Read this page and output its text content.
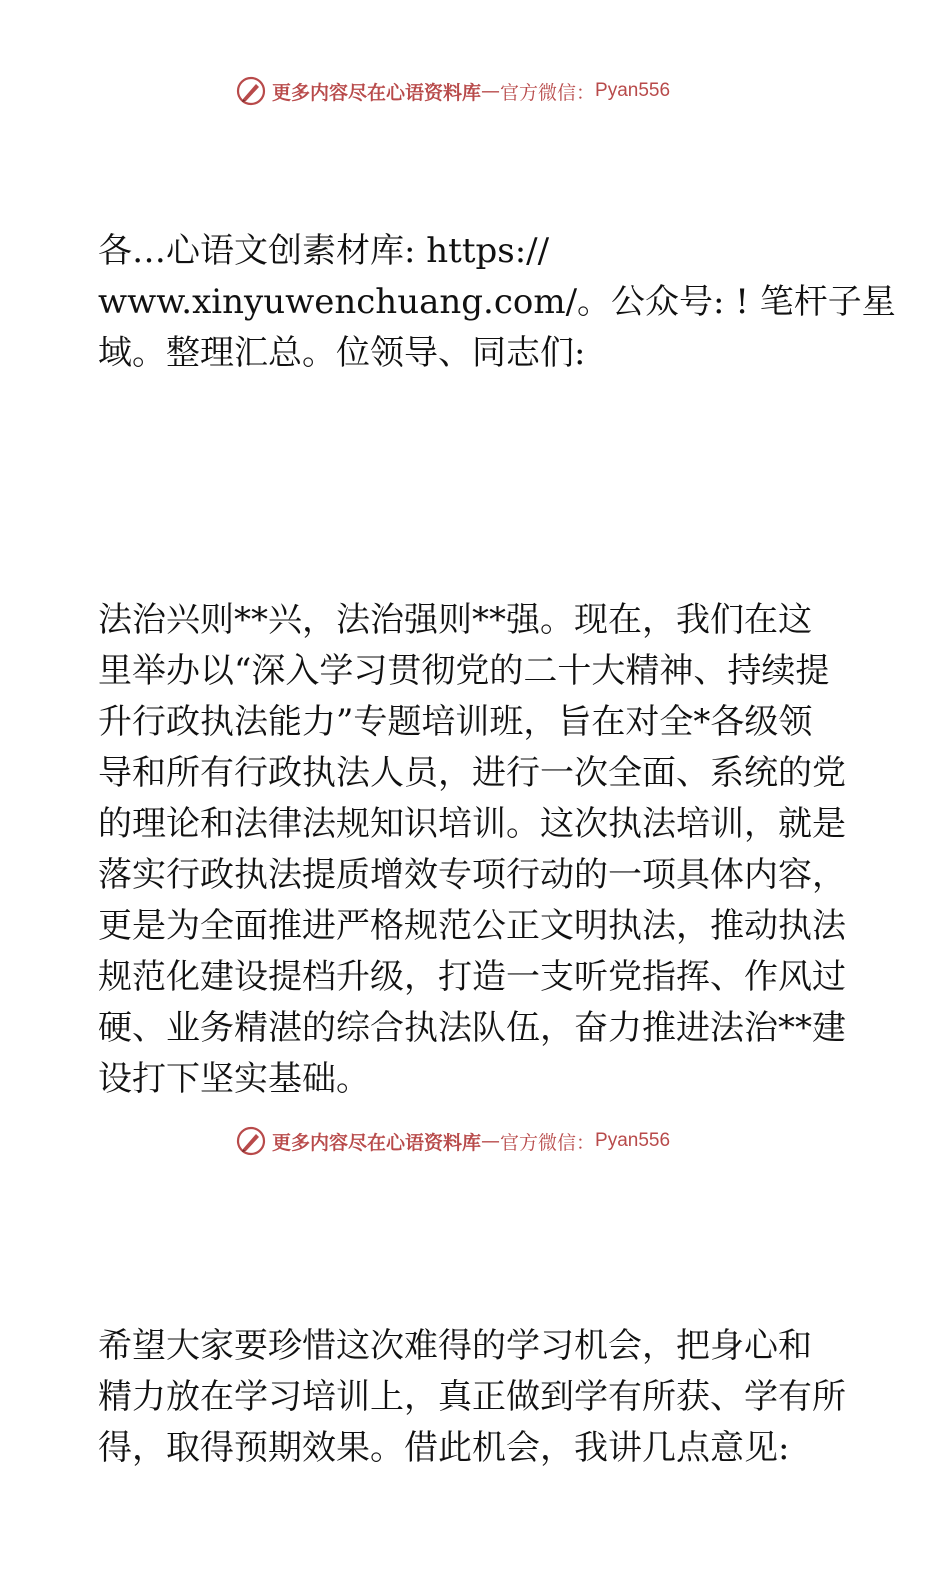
更多内容尽在心语资料库 — 官方微信： Pyan556

各…心语文创素材库: https://
www.xinyuwenchuang.com/。公众号: ! 笔杆子星
域。整理汇总。位领导、同志们:

法治兴则**兴，法治强则**强。现在，我们在这
里举办以“深入学习贯彻党的二十大精神、持续提
升行政执法能力”专题培训班，旨在对全*各级领
导和所有行政执法人员，进行一次全面、系统的党
的理论和法律法规知识培训。这次执法培训，就是
落实行政执法提质增效专项行动的一项具体内容，
更是为全面推进严格规范公正文明执法，推动执法
规范化建设提档升级，打造一支听党指挥、作风过
硬、业务精湛的综合执法队伍，奋力推进法治**建
设打下坚实基础。

希望大家要珍惜这次难得的学习机会，把身心和
精力放在学习培训上，真正做到学有所获、学有所
得，取得预期效果。借此机会，我讲几点意见:

更多内容尽在心语资料库 — 官方微信： Pyan556
